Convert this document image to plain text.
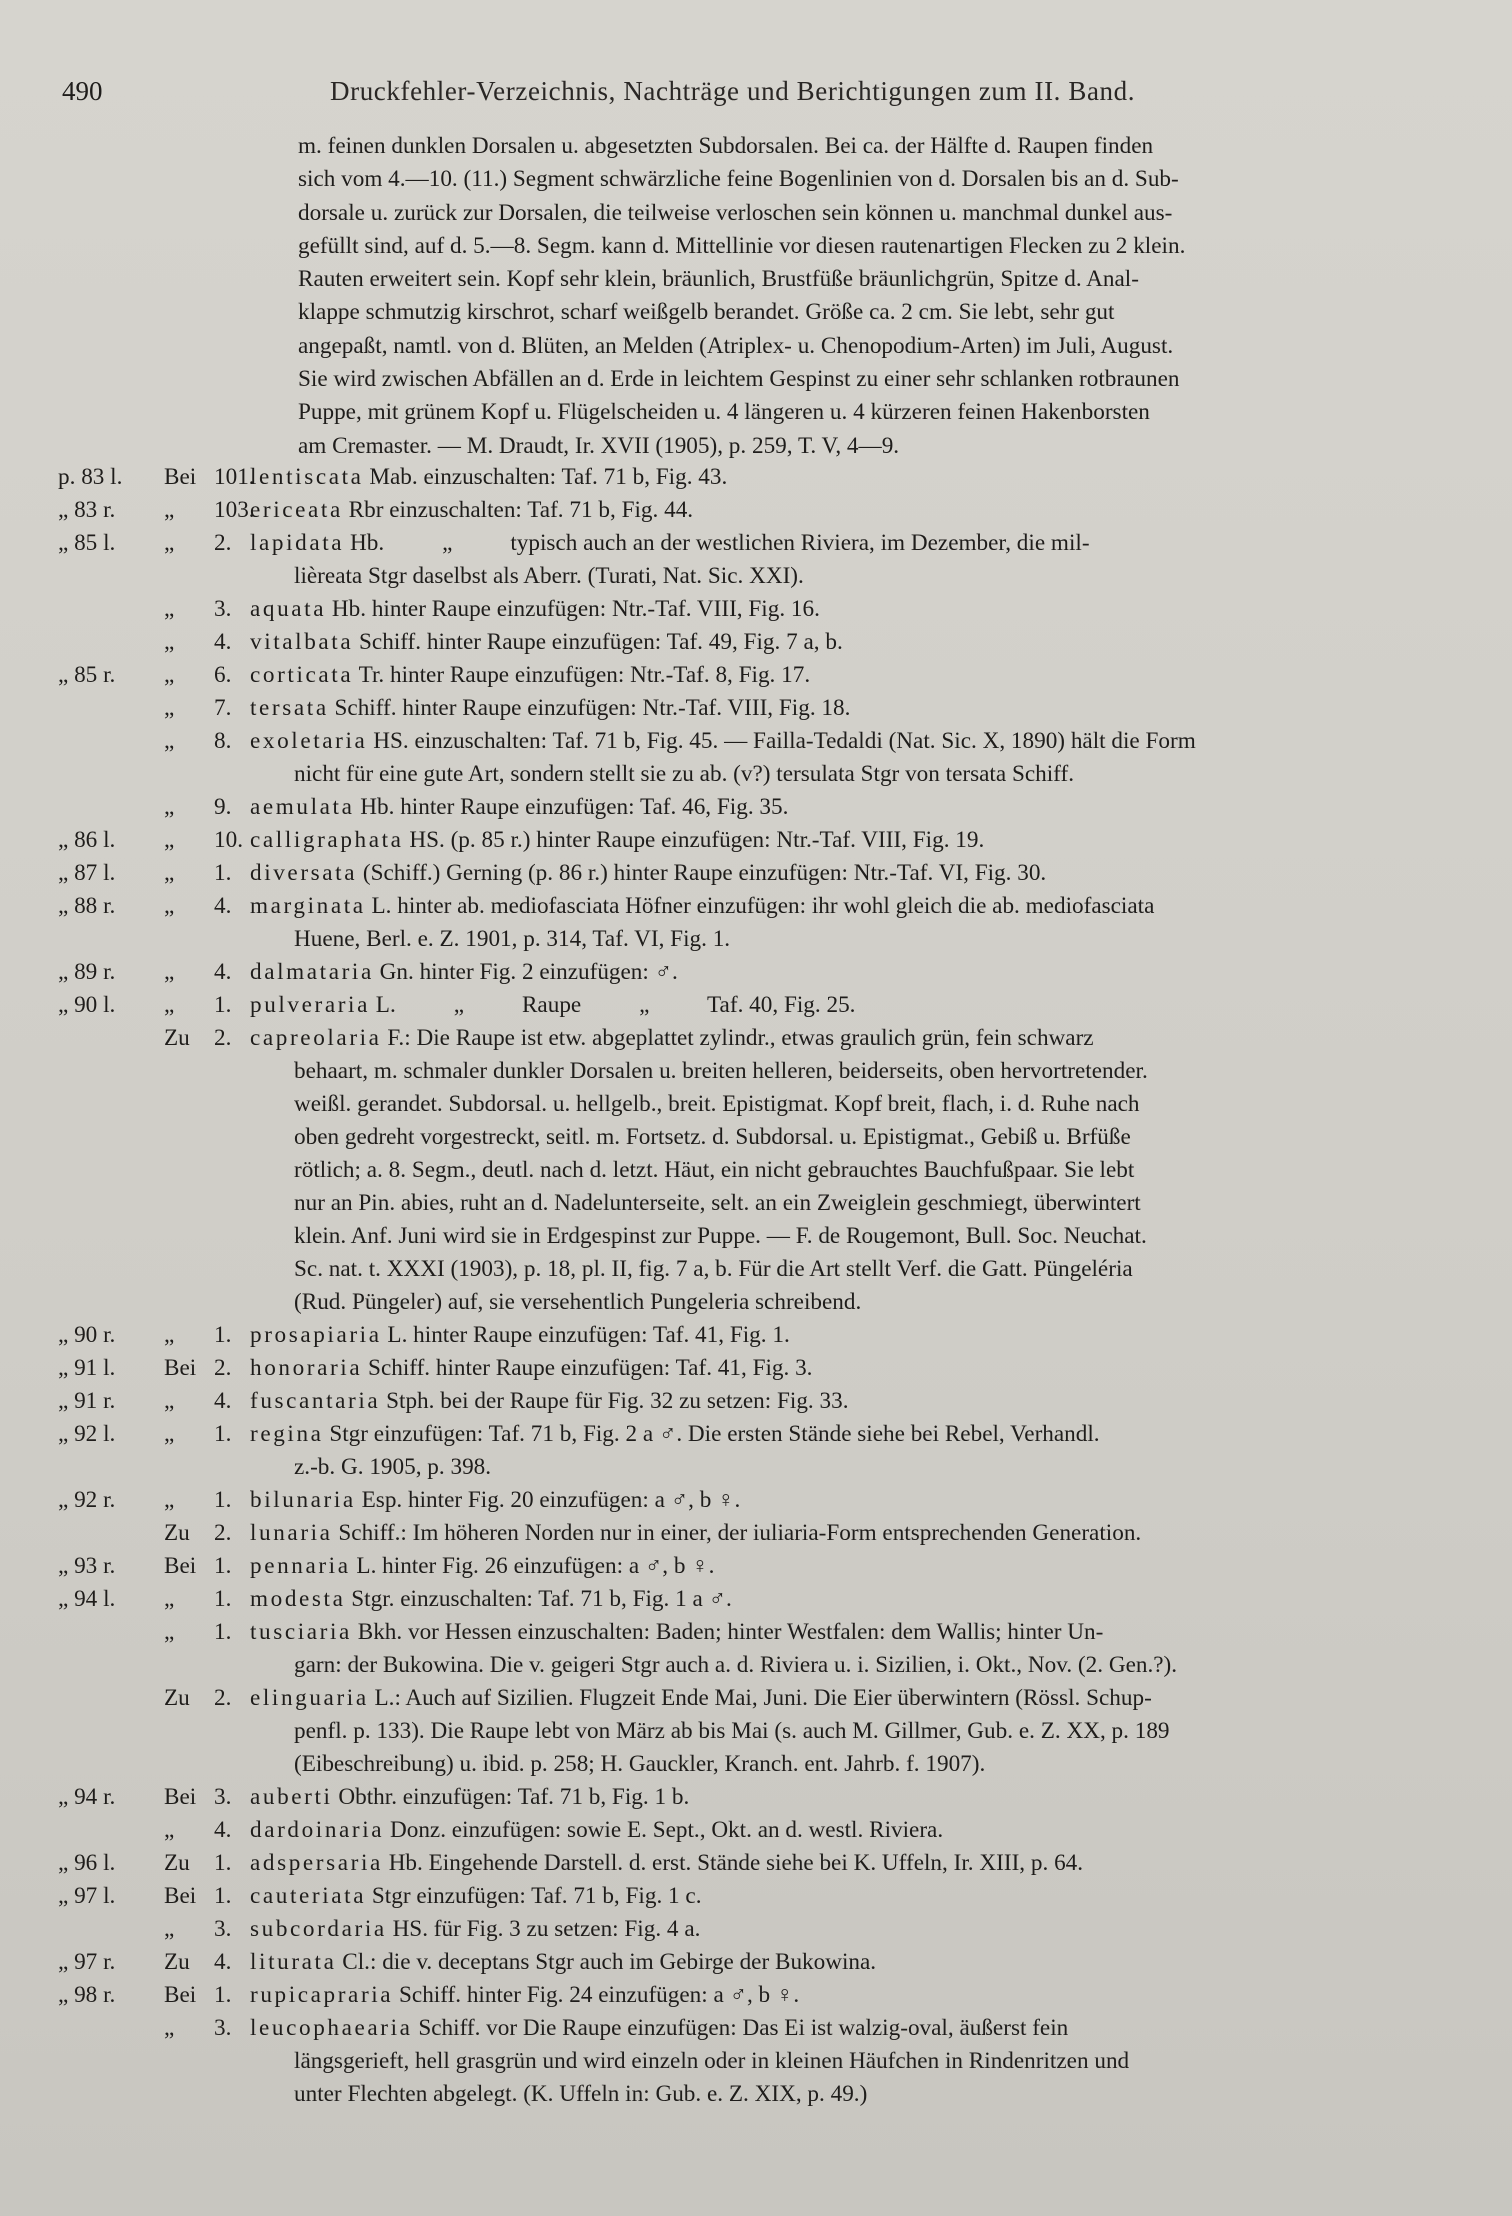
490	Druckfehler-Verzeichnis, Nachträge und Berichtigungen zum II. Band.
m. feinen dunklen Dorsalen u. abgesetzten Subdorsalen. Bei ca. der Hälfte d. Raupen finden
sich vom 4.—10. (11.) Segment schwärzliche feine Bogenlinien von d. Dorsalen bis an d. Sub-
dorsale u. zurück zur Dorsalen, die teilweise verloschen sein können u. manchmal dunkel aus-
gefüllt sind, auf d. 5.—8. Segm. kann d. Mittellinie vor diesen rautenartigen Flecken zu 2 klein.
Rauten erweitert sein. Kopf sehr klein, bräunlich, Brustfüße bräunlichgrün, Spitze d. Anal-
klappe schmutzig kirschrot, scharf weißgelb berandet. Größe ca. 2 cm. Sie lebt, sehr gut
angepaßt, namtl. von d. Blüten, an Melden (Atriplex- u. Chenopodium-Arten) im Juli, August.
Sie wird zwischen Abfällen an d. Erde in leichtem Gespinst zu einer sehr schlanken rotbraunen
Puppe, mit grünem Kopf u. Flügelscheiden u. 4 längeren u. 4 kürzeren feinen Hakenborsten
am Cremaster. — M. Draudt, Ir. XVII (1905), p. 259, T. V, 4—9.
p. 83 l. Bei 101.
lentiscata Mab. einzuschalten: Taf. 71 b, Fig. 43.
„ 83 r. „ 103.
ericeata Rbr einzuschalten: Taf. 71 b, Fig. 44.
„ 85 l. „ 2. lapidata Hb.          „          typisch auch an der westlichen Riviera, im Dezember, die mil-
lièreata Stgr daselbst als Aberr. (Turati, Nat. Sic. XXI).
„ 3. aquata Hb. hinter Raupe einzufügen: Ntr.-Taf. VIII, Fig. 16.
„ 4. vitalbata Schiff. hinter Raupe einzufügen: Taf. 49, Fig. 7 a, b.
„ 85 r. „ 6. corticata Tr. hinter Raupe einzufügen: Ntr.-Taf. 8, Fig. 17.
„ 7. tersata Schiff. hinter Raupe einzufügen: Ntr.-Taf. VIII, Fig. 18.
„ 8. exoletaria HS. einzuschalten: Taf. 71 b, Fig. 45. — Failla-Tedaldi (Nat. Sic. X, 1890) hält die Form
nicht für eine gute Art, sondern stellt sie zu ab. (v?) tersulata Stgr von tersata Schiff.
„ 9. aemulata Hb. hinter Raupe einzufügen: Taf. 46, Fig. 35.
„ 86 l. „ 10. calligraphata HS. (p. 85 r.) hinter Raupe einzufügen: Ntr.-Taf. VIII, Fig. 19.
„ 87 l. „ 1. diversata (Schiff.) Gerning (p. 86 r.) hinter Raupe einzufügen: Ntr.-Taf. VI, Fig. 30.
„ 88 r. „ 4. marginata L. hinter ab. mediofasciata Höfner einzufügen: ihr wohl gleich die ab. mediofasciata
Huene, Berl. e. Z. 1901, p. 314, Taf. VI, Fig. 1.
„ 89 r. „ 4. dalmataria Gn. hinter Fig. 2 einzufügen: ♂.
„ 90 l. „ 1. pulveraria L.          „          Raupe          „          Taf. 40, Fig. 25.
Zu 2. capreolaria F.: Die Raupe ist etw. abgeplattet zylindr., etwas graulich grün, fein schwarz
behaart, m. schmaler dunkler Dorsalen u. breiten helleren, beiderseits, oben hervortretender.
weißl. gerandet. Subdorsal. u. hellgelb., breit. Epistigmat. Kopf breit, flach, i. d. Ruhe nach
oben gedreht vorgestreckt, seitl. m. Fortsetz. d. Subdorsal. u. Epistigmat., Gebiß u. Brfüße
rötlich; a. 8. Segm., deutl. nach d. letzt. Häut, ein nicht gebrauchtes Bauchfußpaar. Sie lebt
nur an Pin. abies, ruht an d. Nadelunterseite, selt. an ein Zweiglein geschmiegt, überwintert
klein. Anf. Juni wird sie in Erdgespinst zur Puppe. — F. de Rougemont, Bull. Soc. Neuchat.
Sc. nat. t. XXXI (1903), p. 18, pl. II, fig. 7 a, b. Für die Art stellt Verf. die Gatt. Püngeléria
(Rud. Püngeler) auf, sie versehentlich Pungeleria schreibend.
„ 90 r. „ 1. prosapiaria L. hinter Raupe einzufügen: Taf. 41, Fig. 1.
„ 91 l. Bei 2. honoraria Schiff. hinter Raupe einzufügen: Taf. 41, Fig. 3.
„ 91 r. „ 4. fuscantaria Stph. bei der Raupe für Fig. 32 zu setzen: Fig. 33.
„ 92 l. „ 1. regina Stgr einzufügen: Taf. 71 b, Fig. 2 a ♂. Die ersten Stände siehe bei Rebel, Verhandl.
z.-b. G. 1905, p. 398.
„ 92 r. „ 1. bilunaria Esp. hinter Fig. 20 einzufügen: a ♂, b ♀.
Zu 2. lunaria Schiff.: Im höheren Norden nur in einer, der iuliaria-Form entsprechenden Generation.
„ 93 r. Bei 1. pennaria L. hinter Fig. 26 einzufügen: a ♂, b ♀.
„ 94 l. „ 1. modesta Stgr. einzuschalten: Taf. 71 b, Fig. 1 a ♂.
„ 1. tusciaria Bkh. vor Hessen einzuschalten: Baden; hinter Westfalen: dem Wallis; hinter Un-
garn: der Bukowina. Die v. geigeri Stgr auch a. d. Riviera u. i. Sizilien, i. Okt., Nov. (2. Gen.?).
Zu 2. elinguaria L.: Auch auf Sizilien. Flugzeit Ende Mai, Juni. Die Eier überwintern (Rössl. Schup-
penfl. p. 133). Die Raupe lebt von März ab bis Mai (s. auch M. Gillmer, Gub. e. Z. XX, p. 189
(Eibeschreibung) u. ibid. p. 258; H. Gauckler, Kranch. ent. Jahrb. f. 1907).
„ 94 r. Bei 3. auberti Obthr. einzufügen: Taf. 71 b, Fig. 1 b.
„ 4. dardoinaria Donz. einzufügen: sowie E. Sept., Okt. an d. westl. Riviera.
„ 96 l. Zu 1. adspersaria Hb. Eingehende Darstell. d. erst. Stände siehe bei K. Uffeln, Ir. XIII, p. 64.
„ 97 l. Bei 1. cauteriata Stgr einzufügen: Taf. 71 b, Fig. 1 c.
„ 3. subcordaria HS. für Fig. 3 zu setzen: Fig. 4 a.
„ 97 r. Zu 4. liturata Cl.: die v. deceptans Stgr auch im Gebirge der Bukowina.
„ 98 r. Bei 1. rupicapraria Schiff. hinter Fig. 24 einzufügen: a ♂, b ♀.
„ 3. leucophaearia Schiff. vor Die Raupe einzufügen: Das Ei ist walzig-oval, äußerst fein
längsgerieft, hell grasgrün und wird einzeln oder in kleinen Häufchen in Rindenritzen und
unter Flechten abgelegt. (K. Uffeln in: Gub. e. Z. XIX, p. 49.)
